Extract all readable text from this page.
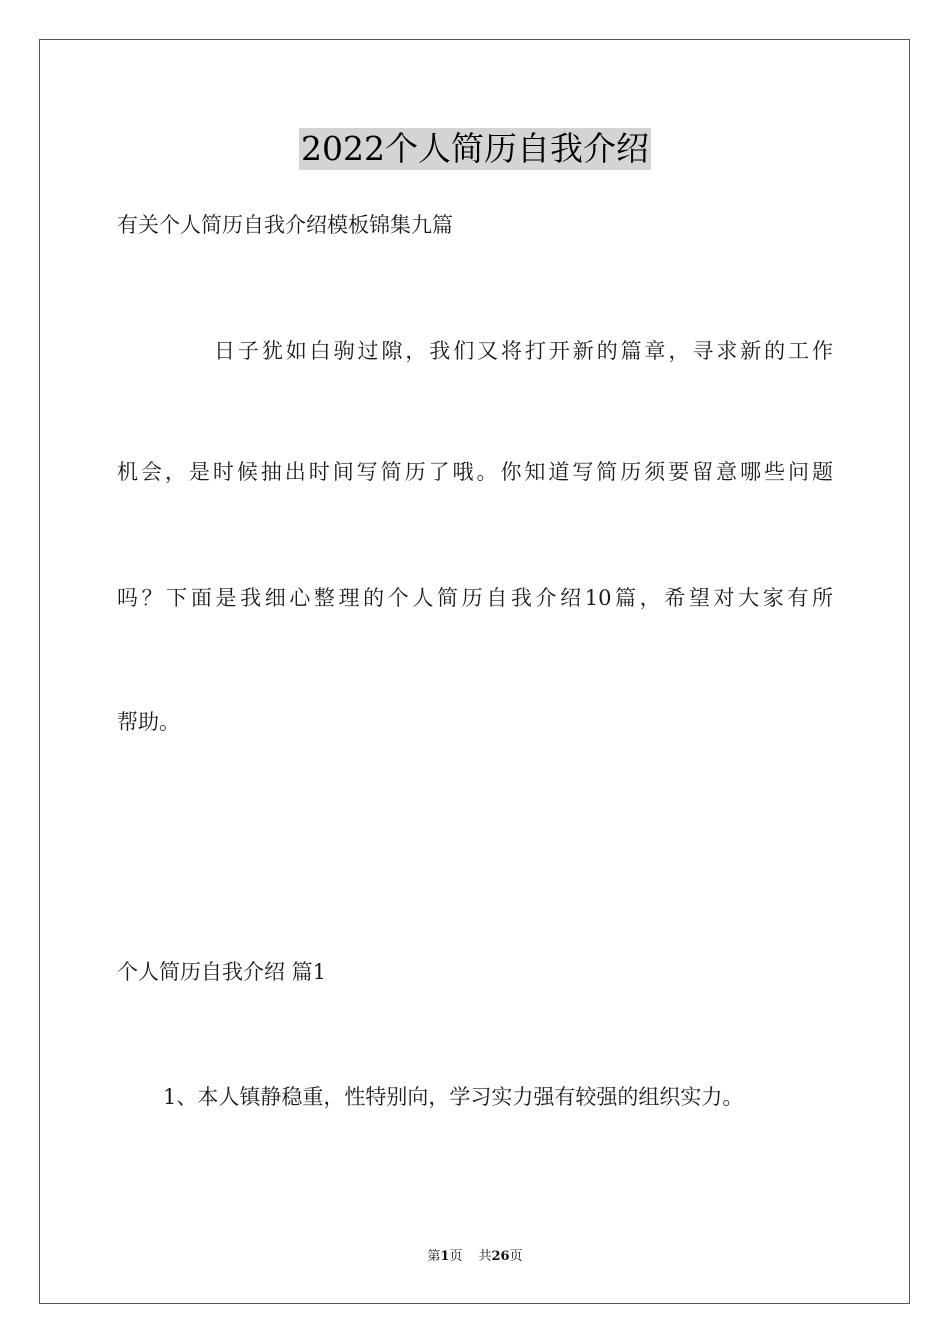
2022个人简历自我介绍
有关个人简历自我介绍模板锦集九篇
日子犹如白驹过隙，我们又将打开新的篇章，寻求新的工作
机会，是时候抽出时间写简历了哦。你知道写简历须要留意哪些问题
吗？下面是我细心整理的个人简历自我介绍10篇，希望对大家有所
帮助。
个人简历自我介绍 篇1
1、本人镇静稳重，性特别向，学习实力强有较强的组织实力。
第1页 共26页
